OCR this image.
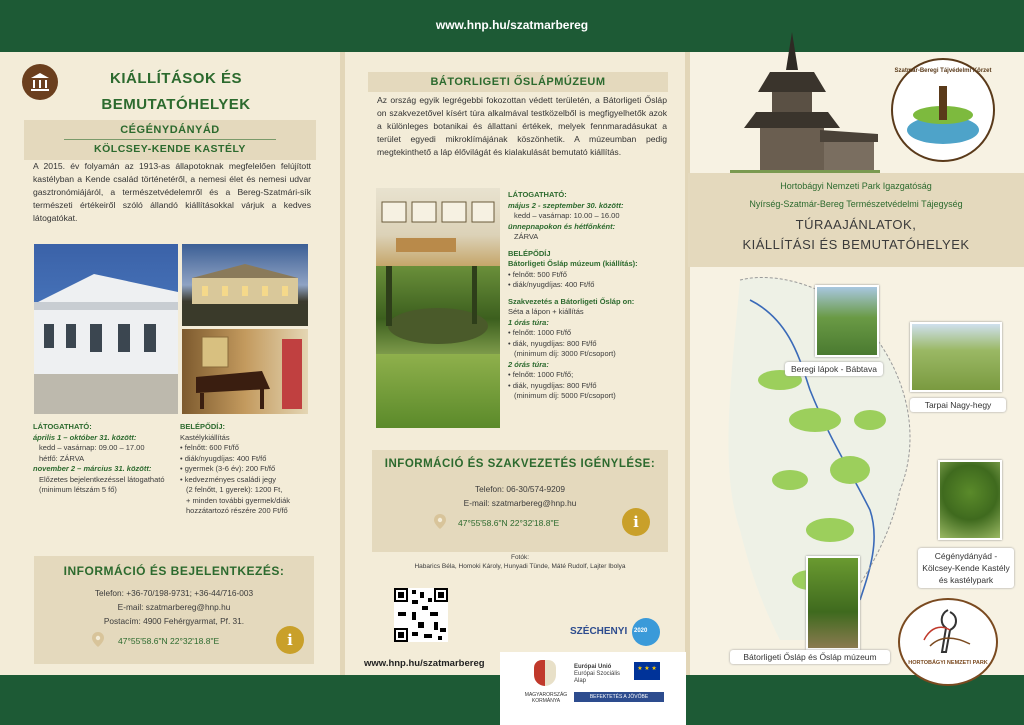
www.hnp.hu/szatmarbereg
KIÁLLÍTÁSOK ÉS
BEMUTATÓHELYEK
CÉGÉNYDÁNYÁD
KÖLCSEY-KENDE KASTÉLY
A 2015. év folyamán az 1913-as állapotoknak megfelelően felújított kastélyban a Kende család történetéről, a nemesi élet és nemesi udvar gasztronómiájáról, a természetvédelemről és a Bereg-Szatmári-sík természeti értékeiről szóló állandó kiállításokkal várjuk a kedves látogatókat.
LÁTOGATHATÓ:
április 1 – október 31. között:
kedd – vasárnap: 09.00 – 17.00
hétfő: ZÁRVA
november 2 – március 31. között:
Előzetes bejelentkezéssel látogatható
(minimum létszám 5 fő)
BELÉPŐDÍJ:
Kastélykiállítás
• felnőtt: 600 Ft/fő
• diák/nyugdíjas: 400 Ft/fő
• gyermek (3-6 év): 200 Ft/fő
• kedvezményes családi jegy
(2 felnőtt, 1 gyerek): 1200 Ft,
+ minden további gyermek/diák
hozzátartozó részére 200 Ft/fő
INFORMÁCIÓ ÉS BEJELENTKEZÉS:
Telefon: +36-70/198-9731; +36-44/716-003
E-mail: szatmarbereg@hnp.hu
Postacím: 4900 Fehérgyarmat, Pf. 31.
47°55'58.6"N 22°32'18.8"E	i
BÁTORLIGETI ŐSLÁPMÚZEUM
Az ország egyik legrégebbi fokozottan védett területén, a Bátorligeti Ősláp on szakvezetővel kísért túra alkalmával testközelből is megfigyelhetők azok a különleges botanikai és állattani értékek, melyek fennmaradásukat a terület egyedi mikroklímájának köszönhetik. A múzeumban pedig megtekinthető a láp élővilágát és kialakulását bemutató kiállítás.
LÁTOGATHATÓ:
május 2 - szeptember 30. között:
kedd – vasárnap: 10.00 – 16.00
ünnepnapokon és hétfőnként:
ZÁRVA
BELÉPŐDÍJ
Bátorligeti Ősláp múzeum (kiállítás):
• felnőtt: 500 Ft/fő
• diák/nyugdíjas: 400 Ft/fő
Szakvezetés a Bátorligeti Ősláp on:
Séta a lápon + kiállítás
1 órás túra:
• felnőtt: 1000 Ft/fő
• diák, nyugdíjas: 800 Ft/fő
(minimum díj: 3000 Ft/csoport)
2 órás túra:
• felnőtt: 1000 Ft/fő;
• diák, nyugdíjas: 800 Ft/fő
(minimum díj: 5000 Ft/csoport)
INFORMÁCIÓ ÉS SZAKVEZETÉS IGÉNYLÉSE:
Telefon: 06-30/574-9209
E-mail: szatmarbereg@hnp.hu
47°55'58.6"N 22°32'18.8"E	i
Fotók:
Habarics Béla, Homoki Károly, Hunyadi Tünde, Máté Rudolf, Lajter Ibolya
www.hnp.hu/szatmarbereg
SZÉCHENYI 2020
MAGYARORSZÁG KORMÁNYA
Európai Unió
Európai Szociális
Alap
★ ★ ★
BEFEKTETÉS A JÖVŐBE
Szatmár-Beregi Tájvédelmi Körzet
Hortobágyi Nemzeti Park Igazgatóság
Nyírség-Szatmár-Bereg Természetvédelmi Tájegység
TÚRAAJÁNLATOK,
KIÁLLÍTÁSI ÉS BEMUTATÓHELYEK
Beregi lápok - Bábtava
Tarpai Nagy-hegy
Cégénydányád - Kölcsey-Kende Kastély és kastélypark
Bátorligeti Ősláp és Ősláp múzeum
HORTOBÁGYI NEMZETI PARK
